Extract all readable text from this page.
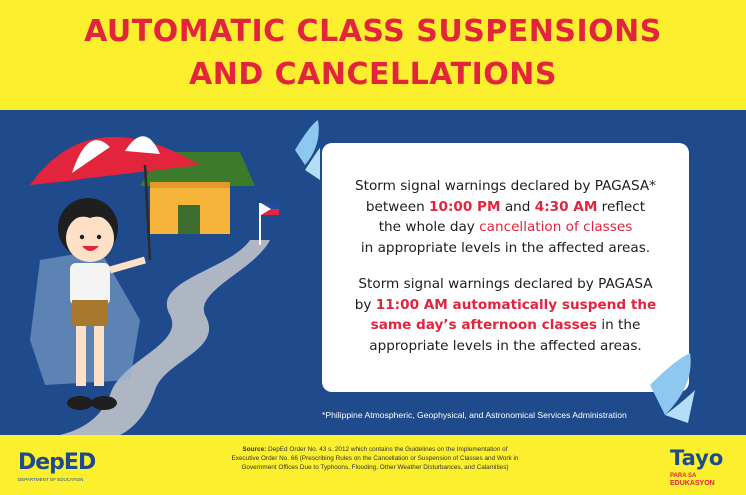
AUTOMATIC CLASS SUSPENSIONS
AND CANCELLATIONS
Storm signal warnings declared by PAGASA*
between 10:00 PM and 4:30 AM reflect
the whole day cancellation of classes
in appropriate levels in the affected areas.
Storm signal warnings declared by PAGASA
by 11:00 AM automatically suspend the
same day’s afternoon classes in the
appropriate levels in the affected areas.
*Philippine Atmospheric, Geophysical, and Astronomical Services Administration
DepED
DEPARTMENT OF EDUCATION
Source: DepEd Order No. 43 s. 2012 which contains the Guidelines on the Implementation of
Executive Order No. 66 (Prescribing Rules on the Cancellation or Suspension of Classes and Work in
Government Offices Due to Typhoons, Flooding, Other Weather Disturbances, and Calamities)	Tayo
PARA SA
EDUKASYON
